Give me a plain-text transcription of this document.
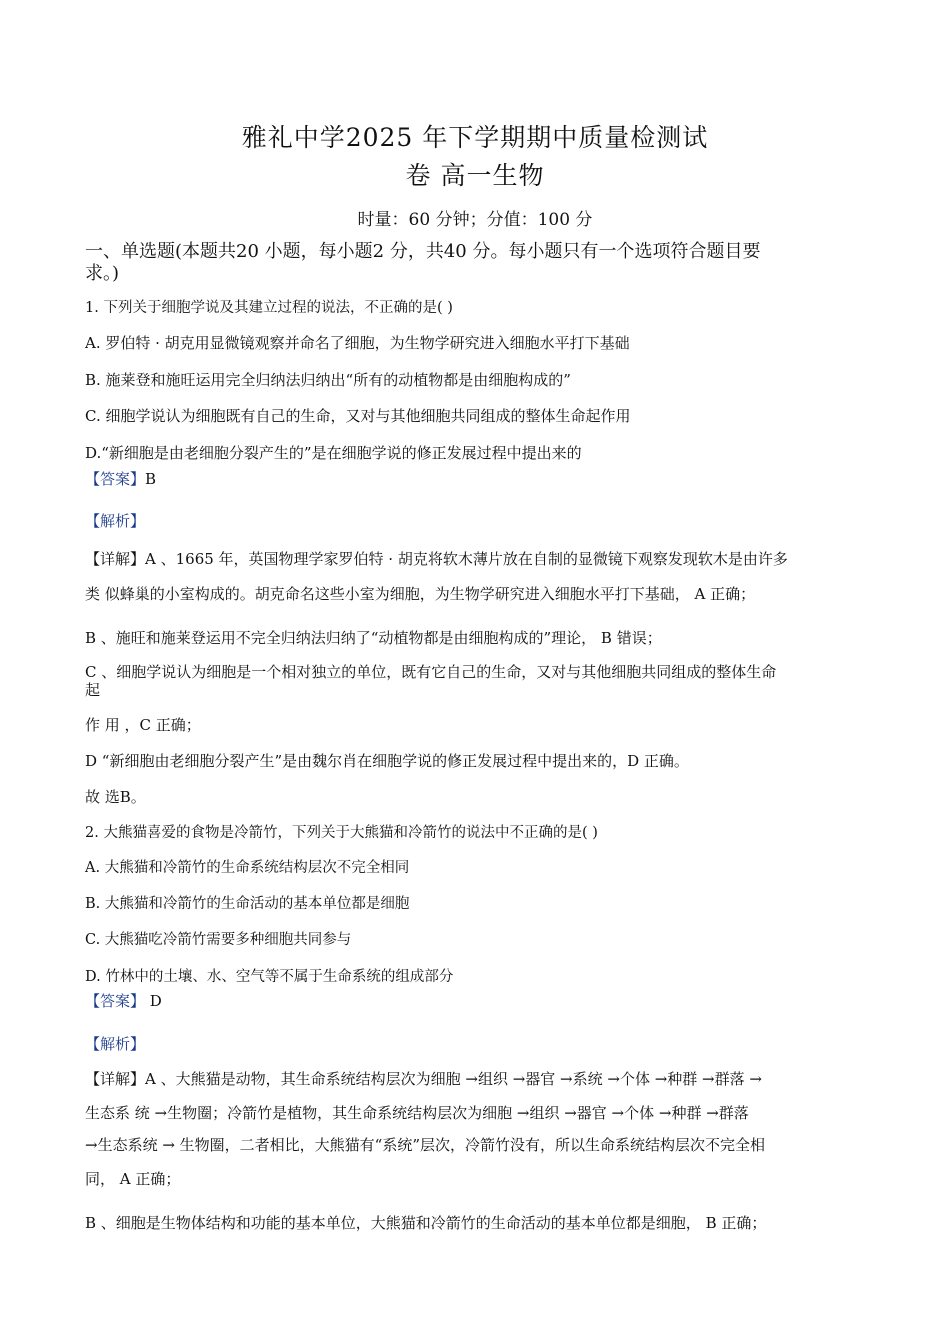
雅礼中学2025 年下学期期中质量检测试
卷 高一生物
时量：60 分钟；分值：100 分
一、单选题(本题共20 小题，每小题2 分，共40 分。每小题只有一个选项符合题目要
求。)
1. 下列关于细胞学说及其建立过程的说法，不正确的是( )
A. 罗伯特 · 胡克用显微镜观察并命名了细胞，为生物学研究进入细胞水平打下基础
B. 施莱登和施旺运用完全归纳法归纳出“所有的动植物都是由细胞构成的”
C. 细胞学说认为细胞既有自己的生命，又对与其他细胞共同组成的整体生命起作用
D.“新细胞是由老细胞分裂产生的”是在细胞学说的修正发展过程中提出来的
【答案】B
【解析】
【详解】A 、1665 年，英国物理学家罗伯特 · 胡克将软木薄片放在自制的显微镜下观察发现软木是由许多
类 似蜂巢的小室构成的。胡克命名这些小室为细胞，为生物学研究进入细胞水平打下基础， A 正确；
B 、施旺和施莱登运用不完全归纳法归纳了“动植物都是由细胞构成的”理论， B 错误；
C 、细胞学说认为细胞是一个相对独立的单位，既有它自己的生命，又对与其他细胞共同组成的整体生命
起
作 用 ，C 正确；
D “新细胞由老细胞分裂产生”是由魏尔肖在细胞学说的修正发展过程中提出来的，D 正确。
故 选B。
2. 大熊猫喜爱的食物是冷箭竹，下列关于大熊猫和冷箭竹的说法中不正确的是( )
A. 大熊猫和冷箭竹的生命系统结构层次不完全相同
B. 大熊猫和冷箭竹的生命活动的基本单位都是细胞
C. 大熊猫吃冷箭竹需要多种细胞共同参与
D. 竹林中的土壤、水、空气等不属于生命系统的组成部分
【答案】 D
【解析】
【详解】A 、大熊猫是动物，其生命系统结构层次为细胞 →组织 →器官 →系统 →个体 →种群 →群落 →
生态系 统 →生物圈；冷箭竹是植物，其生命系统结构层次为细胞 →组织 →器官 →个体 →种群 →群落
→生态系统 → 生物圈，二者相比，大熊猫有“系统”层次，冷箭竹没有，所以生命系统结构层次不完全相
同， A 正确；
B 、细胞是生物体结构和功能的基本单位，大熊猫和冷箭竹的生命活动的基本单位都是细胞， B 正确；
